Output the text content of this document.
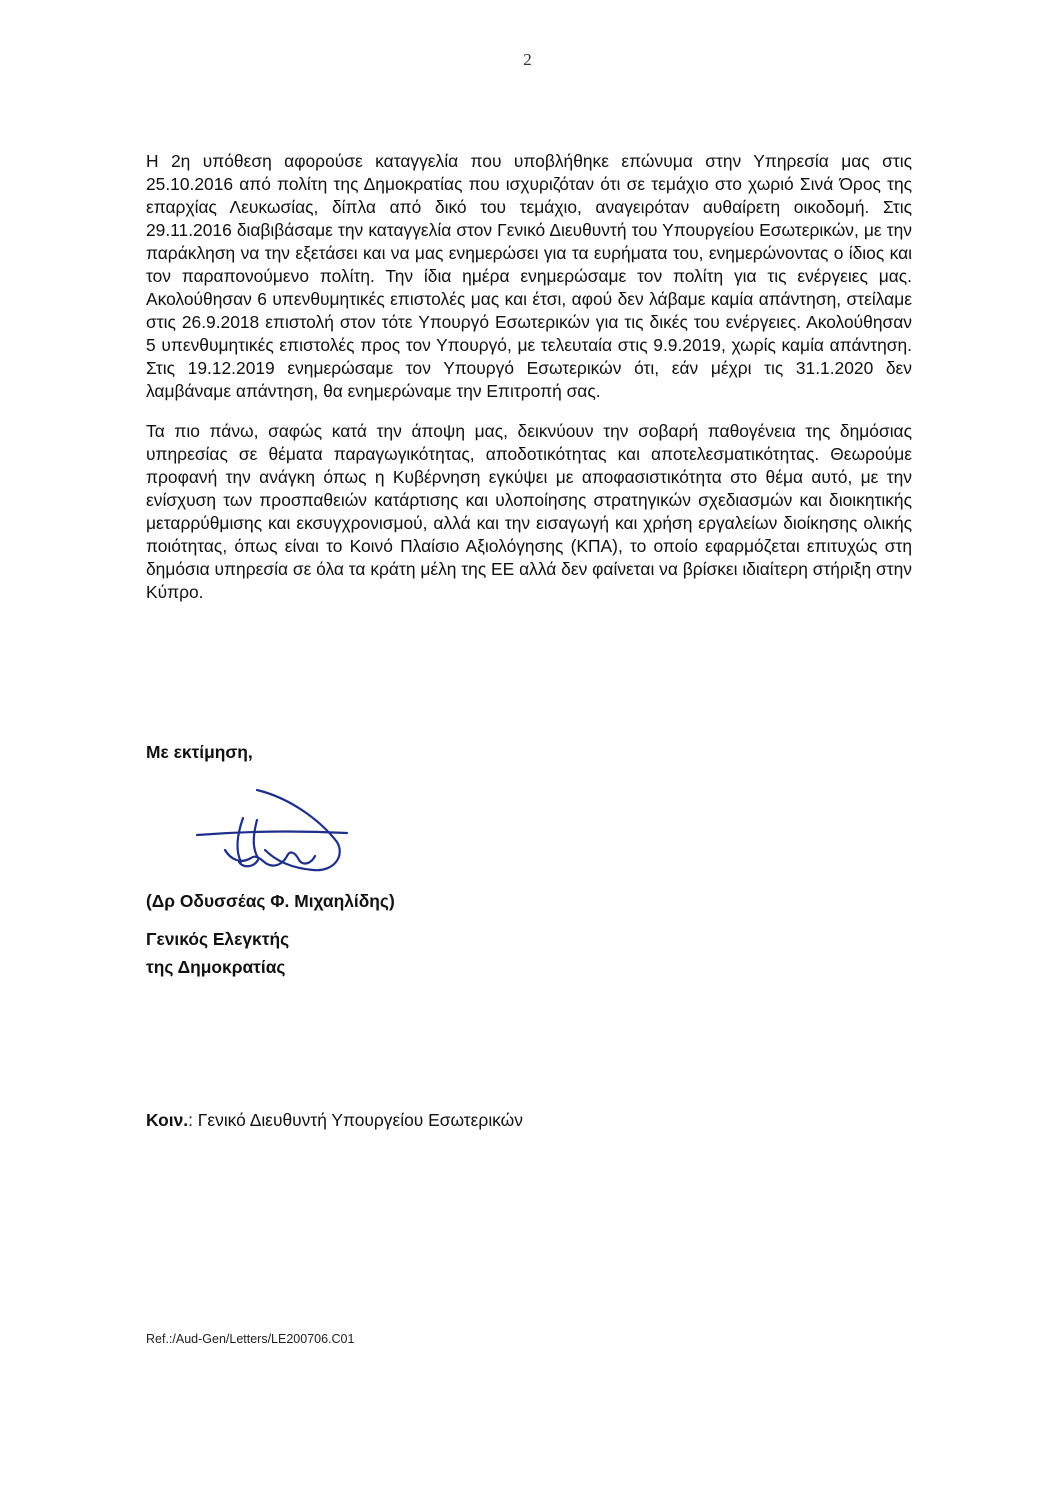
2

Η 2η υπόθεση αφορούσε καταγγελία που υποβλήθηκε επώνυμα στην Υπηρεσία μας στις 25.10.2016 από πολίτη της Δημοκρατίας που ισχυριζόταν ότι σε τεμάχιο στο χωριό Σινά Όρος της επαρχίας Λευκωσίας, δίπλα από δικό του τεμάχιο, αναγειρόταν αυθαίρετη οικοδομή. Στις 29.11.2016 διαβιβάσαμε την καταγγελία στον Γενικό Διευθυντή του Υπουργείου Εσωτερικών, με την παράκληση να την εξετάσει και να μας ενημερώσει για τα ευρήματα του, ενημερώνοντας ο ίδιος και τον παραπονούμενο πολίτη. Την ίδια ημέρα ενημερώσαμε τον πολίτη για τις ενέργειες μας. Ακολούθησαν 6 υπενθυμητικές επιστολές μας και έτσι, αφού δεν λάβαμε καμία απάντηση, στείλαμε στις 26.9.2018 επιστολή στον τότε Υπουργό Εσωτερικών για τις δικές του ενέργειες. Ακολούθησαν 5 υπενθυμητικές επιστολές προς τον Υπουργό, με τελευταία στις 9.9.2019, χωρίς καμία απάντηση. Στις 19.12.2019 ενημερώσαμε τον Υπουργό Εσωτερικών ότι, εάν μέχρι τις 31.1.2020 δεν λαμβάναμε απάντηση, θα ενημερώναμε την Επιτροπή σας.

Τα πιο πάνω, σαφώς κατά την άποψη μας, δεικνύουν την σοβαρή παθογένεια της δημόσιας υπηρεσίας σε θέματα παραγωγικότητας, αποδοτικότητας και αποτελεσματικότητας. Θεωρούμε προφανή την ανάγκη όπως η Κυβέρνηση εγκύψει με αποφασιστικότητα στο θέμα αυτό, με την ενίσχυση των προσπαθειών κατάρτισης και υλοποίησης στρατηγικών σχεδιασμών και διοικητικής μεταρρύθμισης και εκσυγχρονισμού, αλλά και την εισαγωγή και χρήση εργαλείων διοίκησης ολικής ποιότητας, όπως είναι το Κοινό Πλαίσιο Αξιολόγησης (ΚΠΑ), το οποίο εφαρμόζεται επιτυχώς στη δημόσια υπηρεσία σε όλα τα κράτη μέλη της ΕΕ αλλά δεν φαίνεται να βρίσκει ιδιαίτερη στήριξη στην Κύπρο.

Με εκτίμηση,
(Δρ Οδυσσέας Φ. Μιχαηλίδης)
Γενικός Ελεγκτής
της Δημοκρατίας
Κοιν.: Γενικό Διευθυντή Υπουργείου Εσωτερικών
Ref.:/Aud-Gen/Letters/LE200706.C01
